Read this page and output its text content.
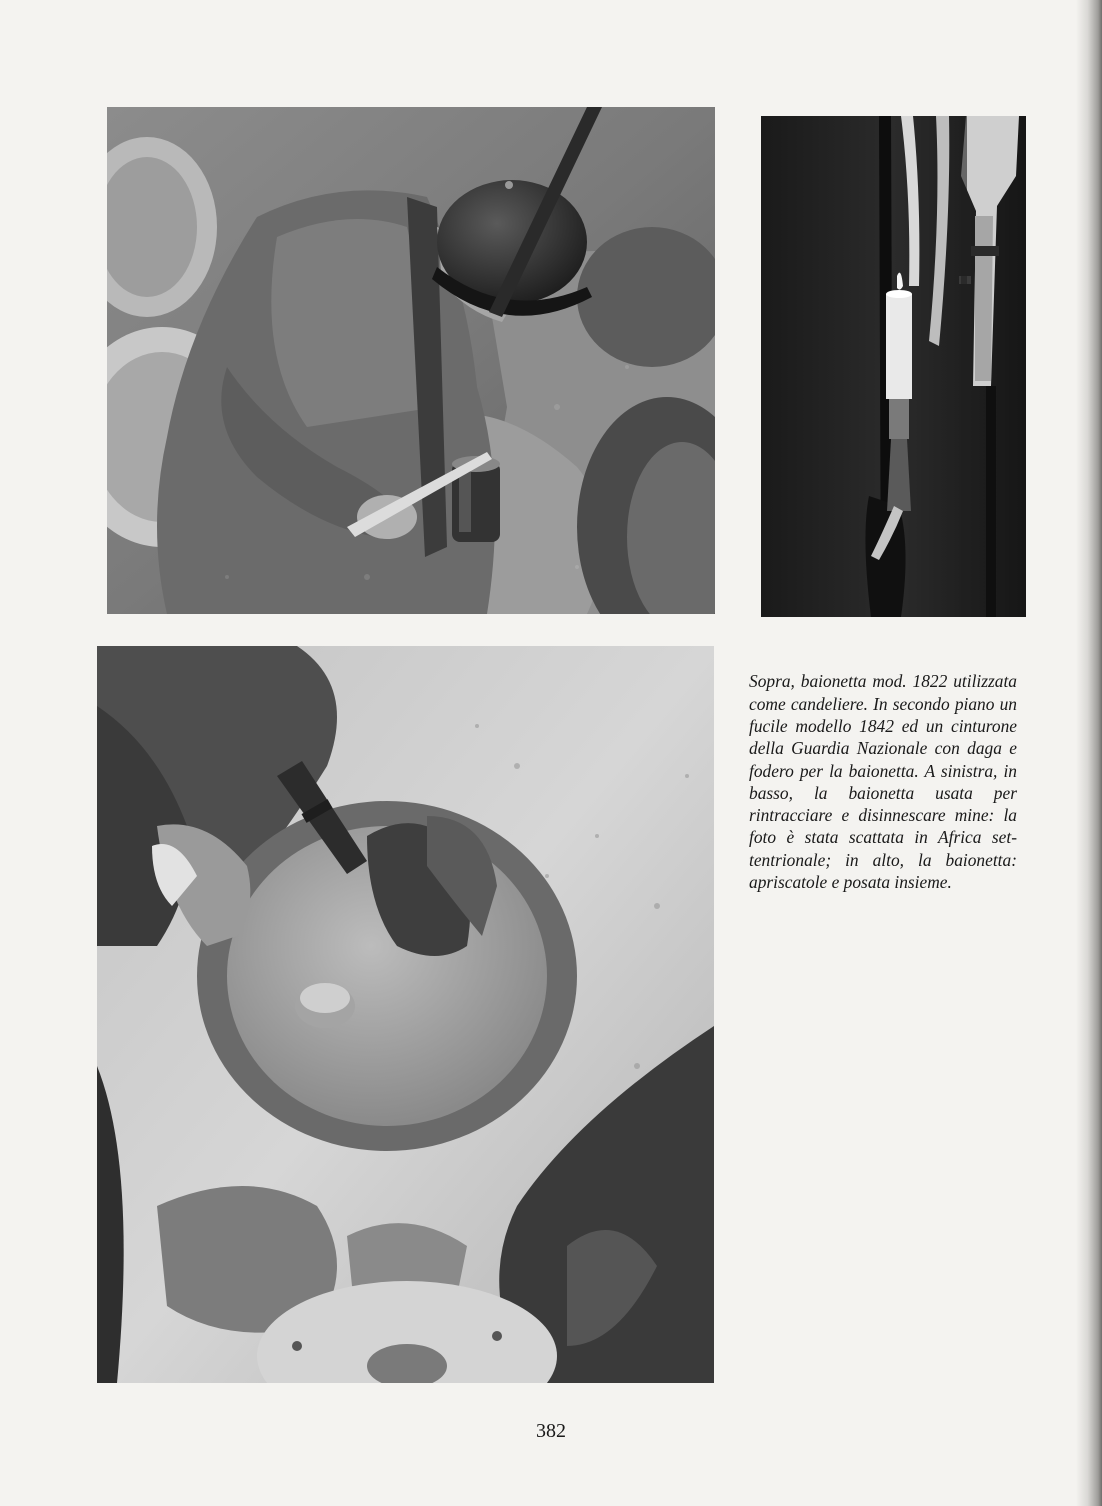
Sopra, baionetta mod. 1822 utilizzata come candeliere. In secondo piano un fucile modello 1842 ed un cinturone della Guardia Nazionale con daga e fodero per la baionetta. A sinistra, in basso, la baionetta usata per rintracciare e disinnescare mine: la foto è stata scattata in Africa settentrionale; in alto, la baionetta: apriscatole e posata insieme.

382
